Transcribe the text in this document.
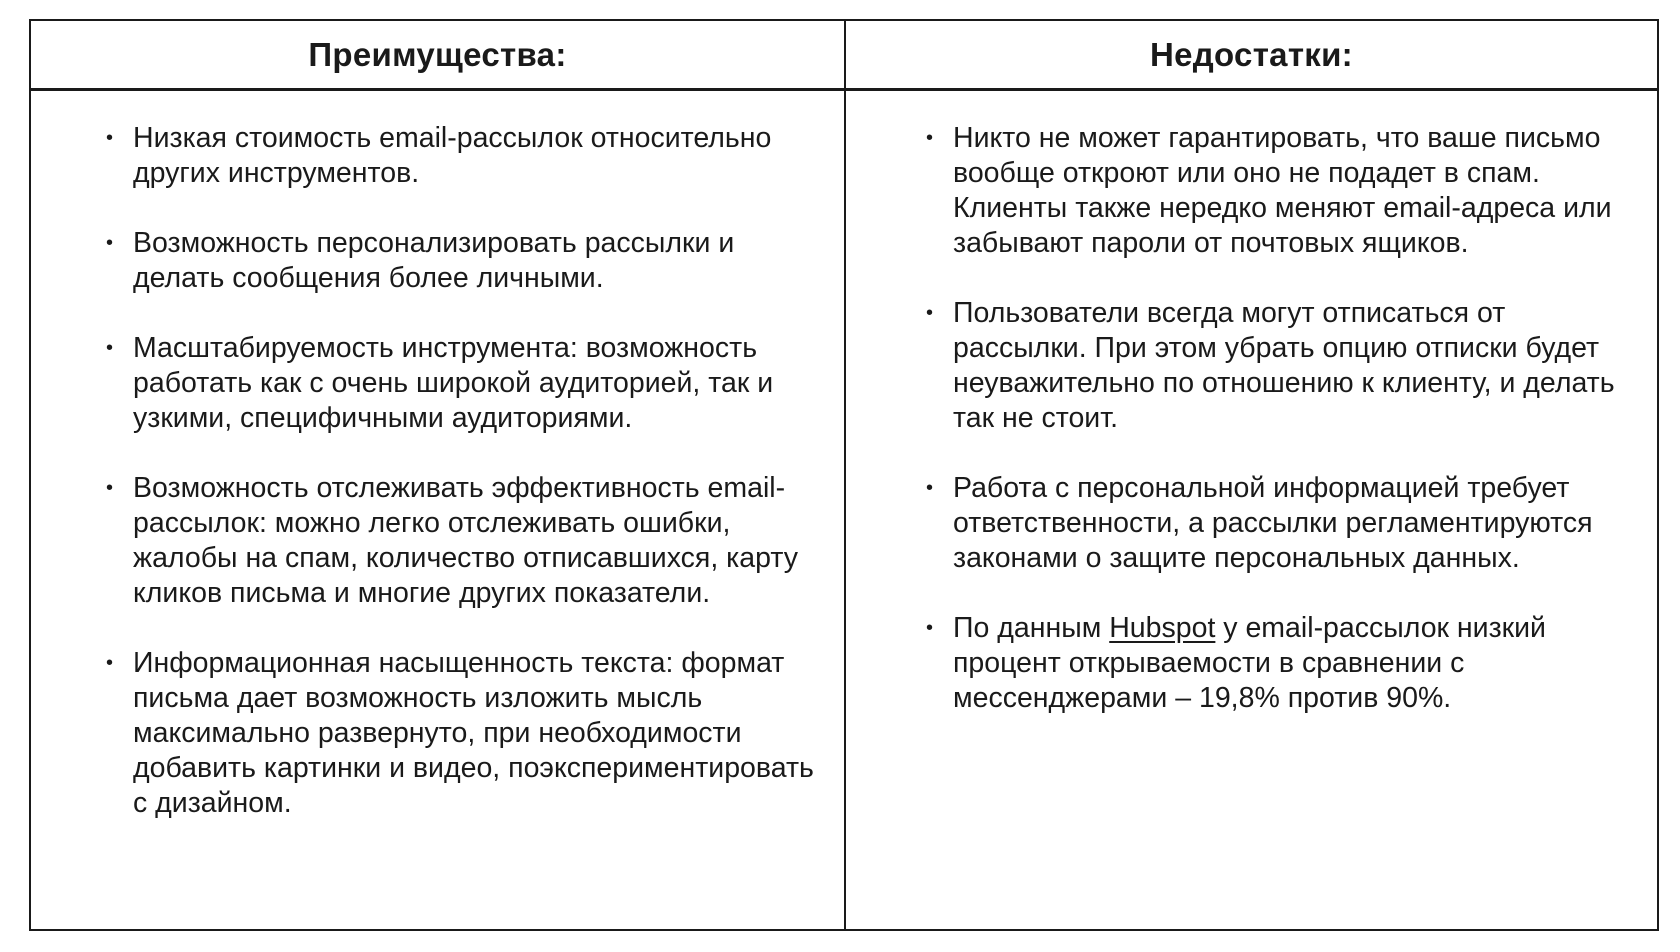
Преимущества:	Недостатки:
• Низкая стоимость email-рассылок относительно других инструментов.
• Возможность персонализировать рассылки и делать сообщения более личными.
• Масштабируемость инструмента: возможность работать как с очень широкой аудиторией, так и узкими, специфичными аудиториями.
• Возможность отслеживать эффективность email-рассылок: можно легко отслеживать ошибки, жалобы на спам, количество отписавшихся, карту кликов письма и многие других показатели.
• Информационная насыщенность текста: формат письма дает возможность изложить мысль максимально развернуто, при необходимости добавить картинки и видео, поэкспериментировать с дизайном.
• Никто не может гарантировать, что ваше письмо вообще откроют или оно не подадет в спам. Клиенты также нередко меняют email-адреса или забывают пароли от почтовых ящиков.
• Пользователи всегда могут отписаться от рассылки. При этом убрать опцию отписки будет неуважительно по отношению к клиенту, и делать так не стоит.
• Работа с персональной информацией требует ответственности, а рассылки регламентируются законами о защите персональных данных.
• По данным Hubspot у email-рассылок низкий процент открываемости в сравнении с мессенджерами – 19,8% против 90%.
